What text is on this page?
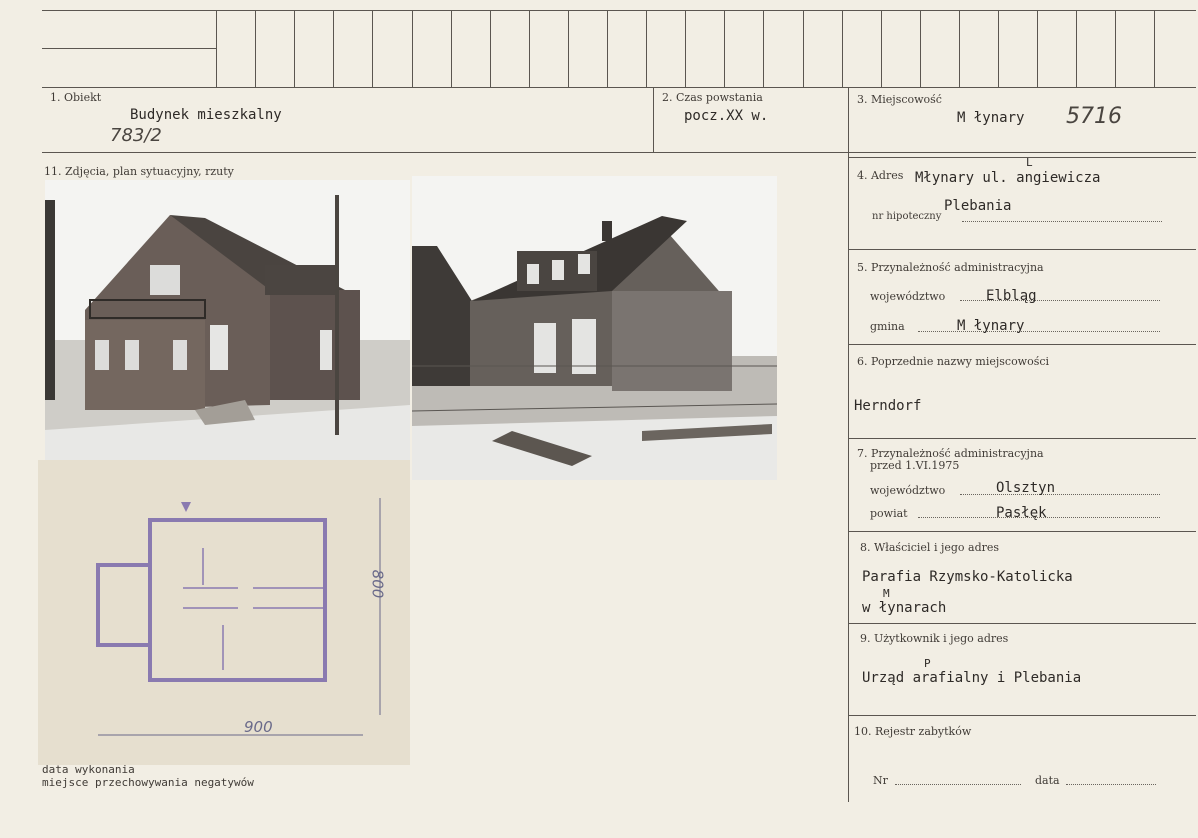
1. Obiekt
Budynek mieszkalny
783/2
2. Czas powstania
pocz.XX w.
3. Miejscowość
M łynary 5716
11. Zdjęcia, plan sytuacyjny, rzuty	4. Adres Młynary ul. angiewicza
L
Plebania
nr hipoteczny
5. Przynależność administracyjna
województwo	Elbląg
gmina	M łynary
6. Poprzednie nazwy miejscowości
Herndorf
7. Przynależność administracyjna
przed 1.VI.1975
województwo	Olsztyn
powiat	Pasłęk
8. Właściciel i jego adres
Parafia Rzymsko-Katolicka
M
w łynarach
9. Użytkownik i jego adres
P
Urząd arafialny i Plebania
10. Rejestr zabytków
Nr	data
900
800
data wykonania
miejsce przechowywania negatywów
